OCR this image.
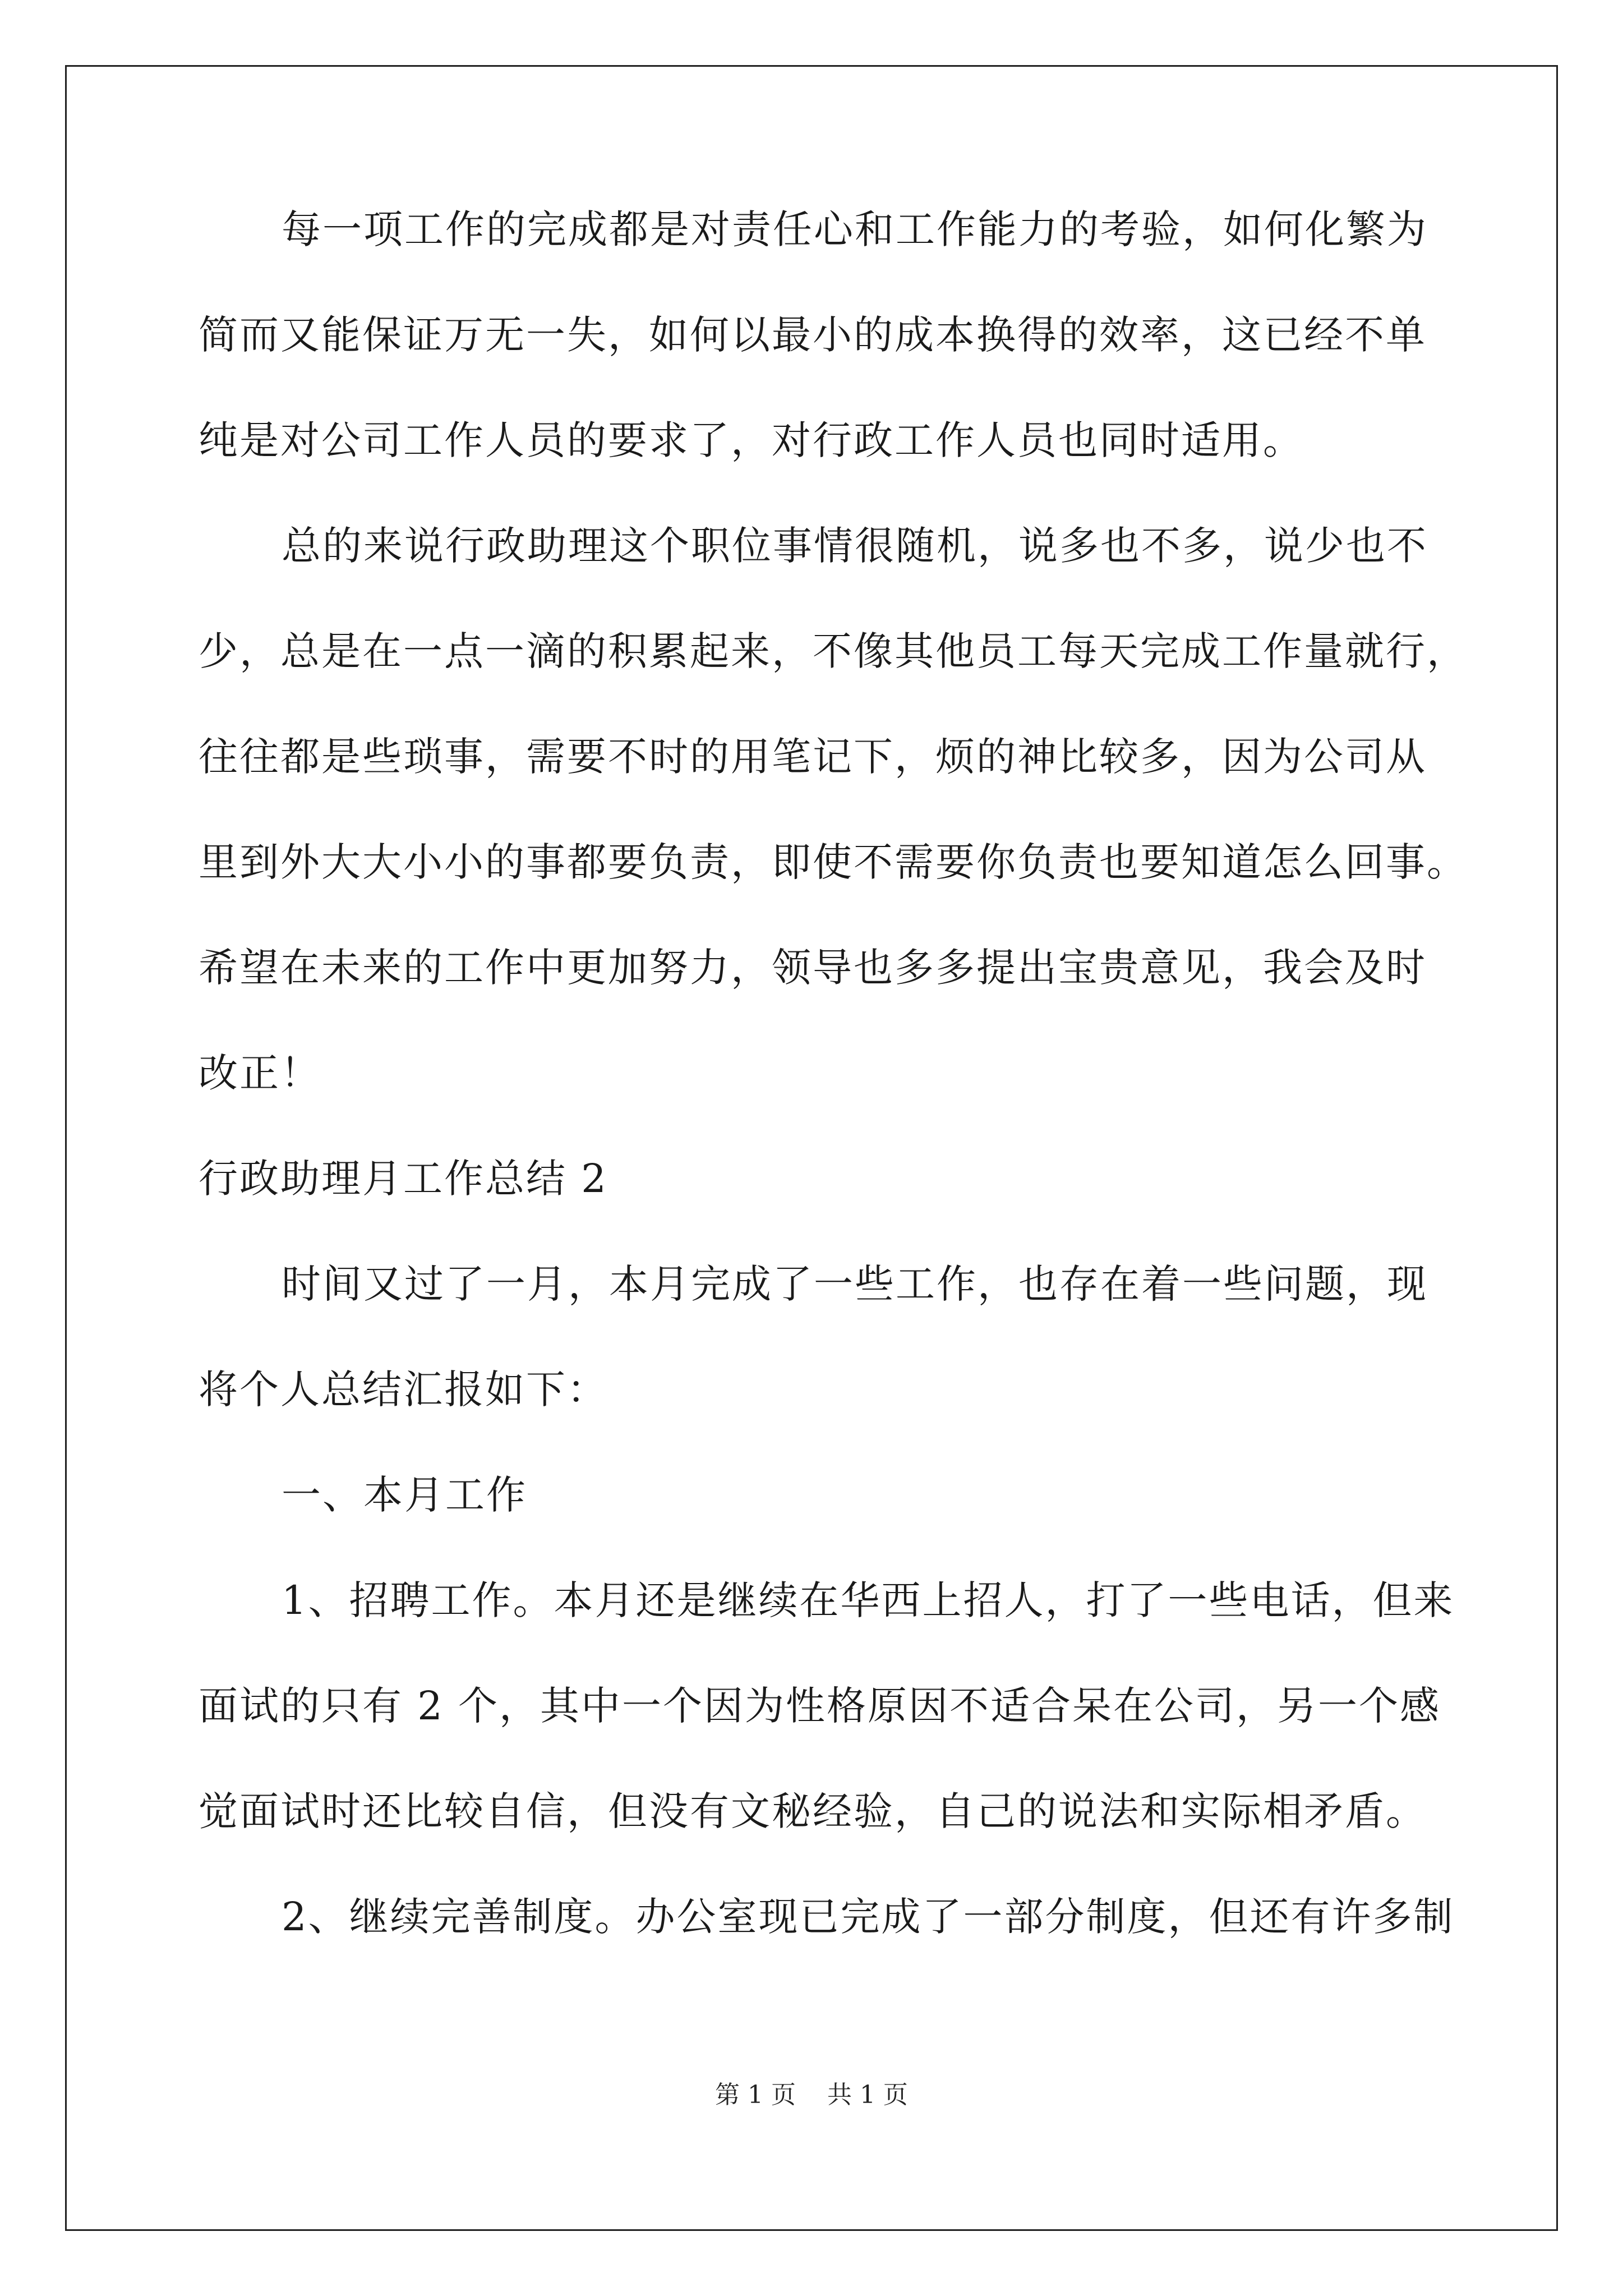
每一项工作的完成都是对责任心和工作能力的考验，如何化繁为
简而又能保证万无一失，如何以最小的成本换得的效率，这已经不单
纯是对公司工作人员的要求了，对行政工作人员也同时适用。
总的来说行政助理这个职位事情很随机，说多也不多，说少也不
少，总是在一点一滴的积累起来，不像其他员工每天完成工作量就行，
往往都是些琐事，需要不时的用笔记下，烦的神比较多，因为公司从
里到外大大小小的事都要负责，即使不需要你负责也要知道怎么回事。
希望在未来的工作中更加努力，领导也多多提出宝贵意见，我会及时
改正！
行政助理月工作总结 2
时间又过了一月，本月完成了一些工作，也存在着一些问题，现
将个人总结汇报如下：
一、本月工作
1、招聘工作。本月还是继续在华西上招人，打了一些电话，但来
面试的只有 2 个，其中一个因为性格原因不适合呆在公司，另一个感
觉面试时还比较自信，但没有文秘经验，自己的说法和实际相矛盾。
2、继续完善制度。办公室现已完成了一部分制度，但还有许多制
第 1 页    共 1 页
